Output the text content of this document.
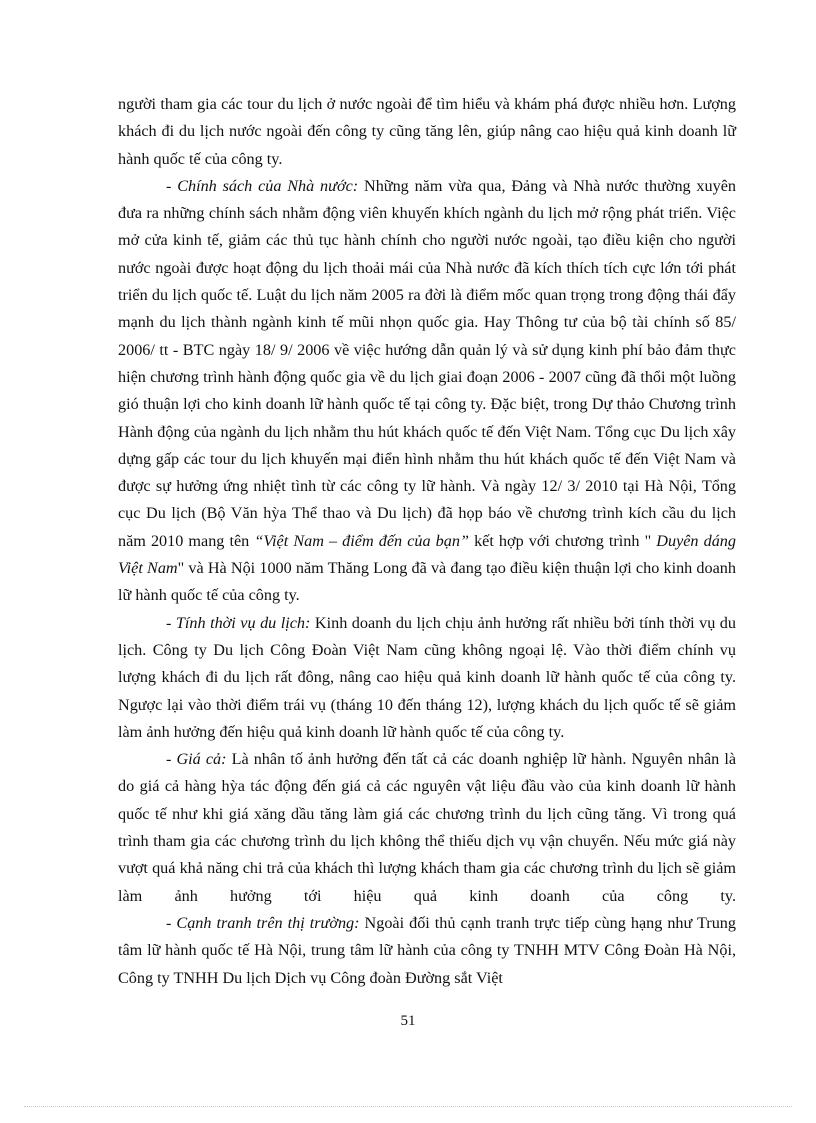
người tham gia các tour du lịch ở nước ngoài để tìm hiểu và khám phá được nhiều hơn. Lượng khách đi du lịch nước ngoài đến công ty cũng tăng lên, giúp nâng cao hiệu quả kinh doanh lữ hành quốc tế của công ty.

- Chính sách của Nhà nước: Những năm vừa qua, Đảng và Nhà nước thường xuyên đưa ra những chính sách nhằm động viên khuyến khích ngành du lịch mở rộng phát triển. Việc mở cửa kinh tế, giảm các thủ tục hành chính cho người nước ngoài, tạo điều kiện cho người nước ngoài được hoạt động du lịch thoải mái của Nhà nước đã kích thích tích cực lớn tới phát triển du lịch quốc tế. Luật du lịch năm 2005 ra đời là điểm mốc quan trọng trong động thái đẩy mạnh du lịch thành ngành kinh tế mũi nhọn quốc gia. Hay Thông tư của bộ tài chính số 85/ 2006/ tt - BTC ngày 18/ 9/ 2006 về việc hướng dẫn quản lý và sử dụng kinh phí bảo đảm thực hiện chương trình hành động quốc gia về du lịch giai đoạn 2006 - 2007 cũng đã thổi một luồng gió thuận lợi cho kinh doanh lữ hành quốc tế tại công ty. Đặc biệt, trong Dự thảo Chương trình Hành động của ngành du lịch nhằm thu hút khách quốc tế đến Việt Nam. Tổng cục Du lịch xây dựng gấp các tour du lịch khuyến mại điển hình nhằm thu hút khách quốc tế đến Việt Nam và được sự hưởng ứng nhiệt tình từ các công ty lữ hành. Và ngày 12/ 3/ 2010 tại Hà Nội, Tổng cục Du lịch (Bộ Văn hỳa Thể thao và Du lịch) đã họp báo về chương trình kích cầu du lịch năm 2010 mang tên “Việt Nam – điểm đến của bạn” kết hợp với chương trình " Duyên dáng Việt Nam" và Hà Nội 1000 năm Thăng Long đã và đang tạo điều kiện thuận lợi cho kinh doanh lữ hành quốc tế của công ty.

- Tính thời vụ du lịch: Kinh doanh du lịch chịu ảnh hưởng rất nhiều bởi tính thời vụ du lịch. Công ty Du lịch Công Đoàn Việt Nam cũng không ngoại lệ. Vào thời điểm chính vụ lượng khách đi du lịch rất đông, nâng cao hiệu quả kinh doanh lữ hành quốc tế của công ty. Ngược lại vào thời điểm trái vụ (tháng 10 đến tháng 12), lượng khách du lịch quốc tế sẽ giảm làm ảnh hưởng đến hiệu quả kinh doanh lữ hành quốc tế của công ty.

- Giá cả: Là nhân tố ảnh hưởng đến tất cả các doanh nghiệp lữ hành. Nguyên nhân là do giá cả hàng hỳa tác động đến giá cả các nguyên vật liệu đầu vào của kinh doanh lữ hành quốc tế như khi giá xăng dầu tăng làm giá các chương trình du lịch cũng tăng. Vì trong quá trình tham gia các chương trình du lịch không thể thiếu dịch vụ vận chuyển. Nếu mức giá này vượt quá khả năng chi trả của khách thì lượng khách tham gia các chương trình du lịch sẽ giảm làm ảnh hưởng tới hiệu quả kinh doanh của công ty.

- Cạnh tranh trên thị trường: Ngoài đối thủ cạnh tranh trực tiếp cùng hạng như Trung tâm lữ hành quốc tế Hà Nội, trung tâm lữ hành của công ty TNHH MTV Công Đoàn Hà Nội, Công ty TNHH Du lịch Dịch vụ Công đoàn Đường sắt Việt

51
